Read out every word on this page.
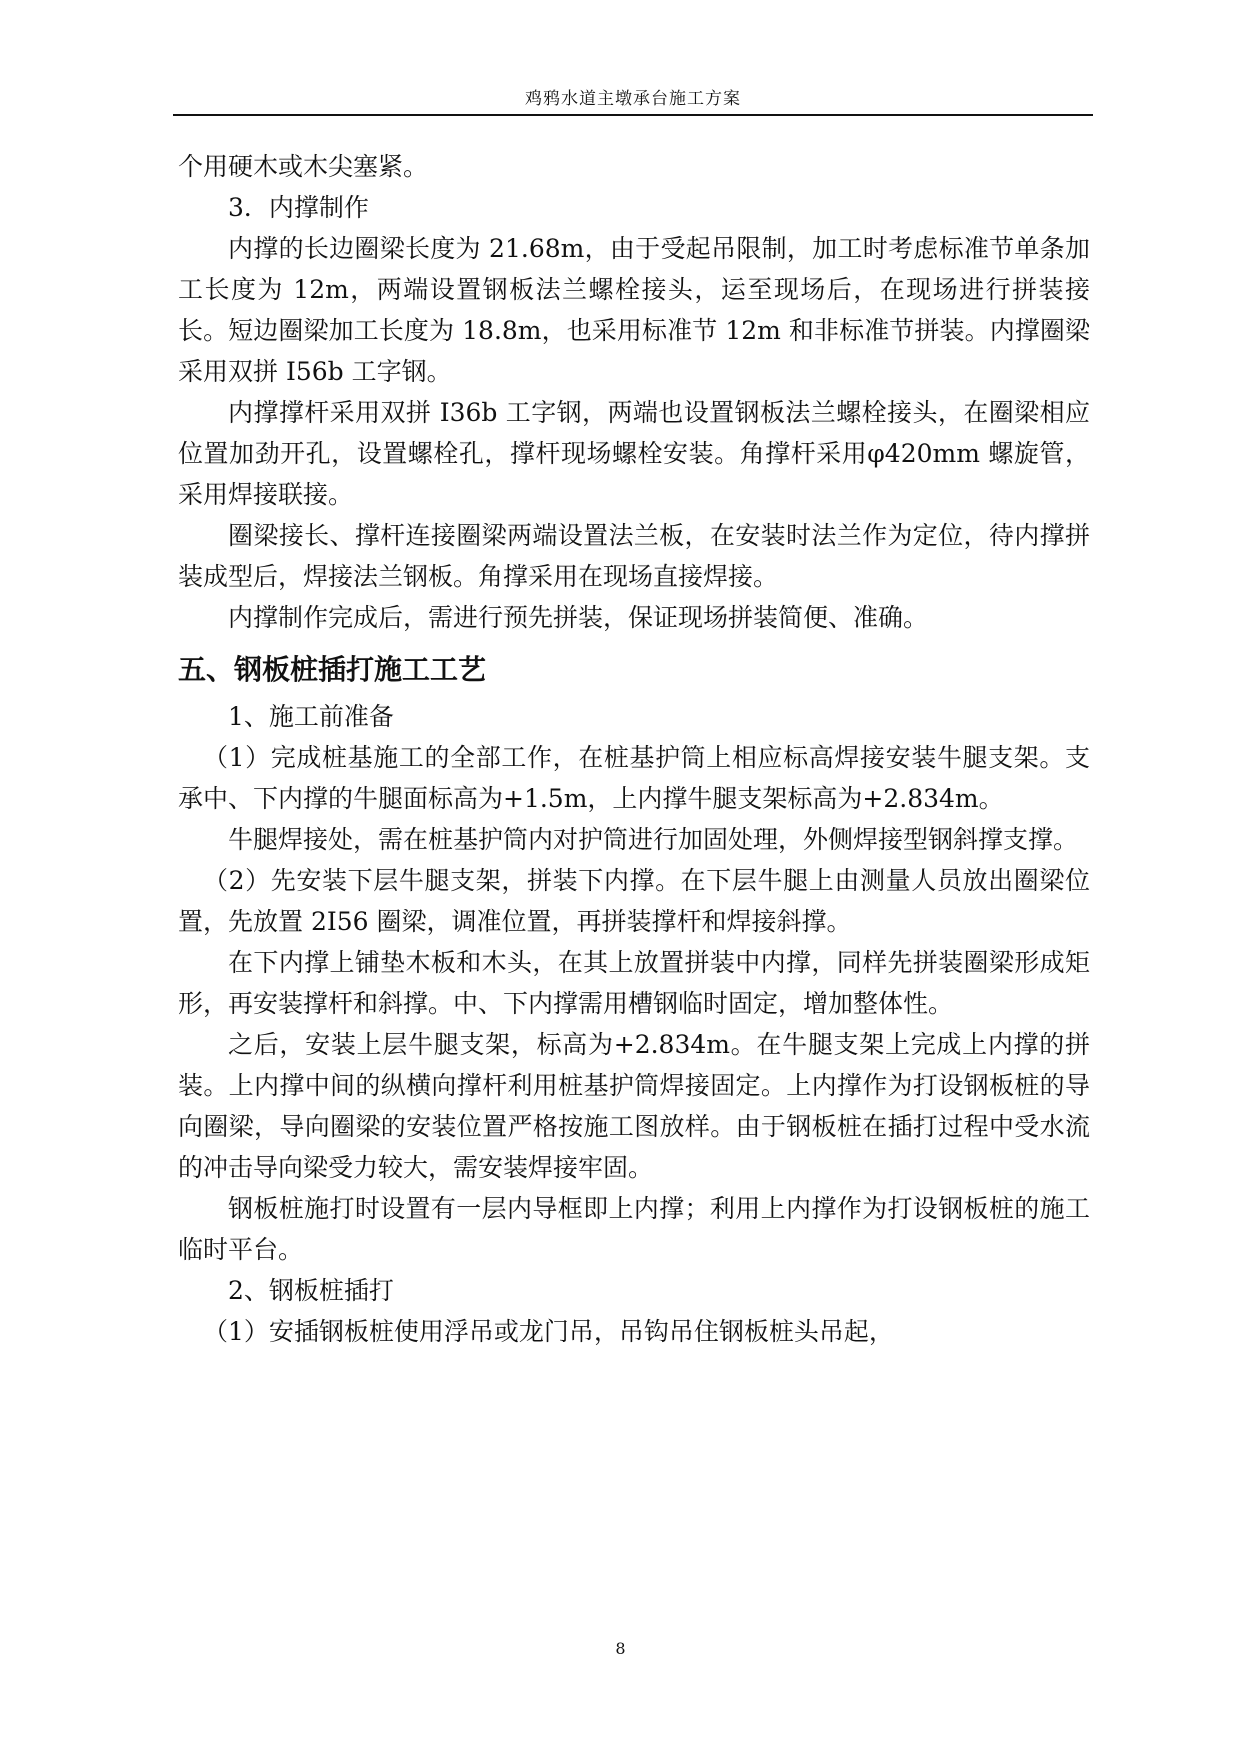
鸡鸦水道主墩承台施工方案

个用硬木或木尖塞紧。

3．内撑制作

内撑的长边圈梁长度为 21.68m，由于受起吊限制，加工时考虑标准节单条加工长度为 12m，两端设置钢板法兰螺栓接头，运至现场后，在现场进行拼装接长。短边圈梁加工长度为 18.8m，也采用标准节 12m 和非标准节拼装。内撑圈梁采用双拼 I56b 工字钢。

内撑撑杆采用双拼 I36b 工字钢，两端也设置钢板法兰螺栓接头，在圈梁相应位置加劲开孔，设置螺栓孔，撑杆现场螺栓安装。角撑杆采用φ420mm 螺旋管，采用焊接联接。

圈梁接长、撑杆连接圈梁两端设置法兰板，在安装时法兰作为定位，待内撑拼装成型后，焊接法兰钢板。角撑采用在现场直接焊接。

内撑制作完成后，需进行预先拼装，保证现场拼装简便、准确。

五、钢板桩插打施工工艺

1、施工前准备

（1）完成桩基施工的全部工作，在桩基护筒上相应标高焊接安装牛腿支架。支承中、下内撑的牛腿面标高为+1.5m，上内撑牛腿支架标高为+2.834m。

牛腿焊接处，需在桩基护筒内对护筒进行加固处理，外侧焊接型钢斜撑支撑。

（2）先安装下层牛腿支架，拼装下内撑。在下层牛腿上由测量人员放出圈梁位置，先放置 2I56 圈梁，调准位置，再拼装撑杆和焊接斜撑。

在下内撑上铺垫木板和木头，在其上放置拼装中内撑，同样先拼装圈梁形成矩形，再安装撑杆和斜撑。中、下内撑需用槽钢临时固定，增加整体性。

之后，安装上层牛腿支架，标高为+2.834m。在牛腿支架上完成上内撑的拼装。上内撑中间的纵横向撑杆利用桩基护筒焊接固定。上内撑作为打设钢板桩的导向圈梁，导向圈梁的安装位置严格按施工图放样。由于钢板桩在插打过程中受水流的冲击导向梁受力较大，需安装焊接牢固。

钢板桩施打时设置有一层内导框即上内撑；利用上内撑作为打设钢板桩的施工临时平台。

2、钢板桩插打

（1）安插钢板桩使用浮吊或龙门吊，吊钩吊住钢板桩头吊起，

8
